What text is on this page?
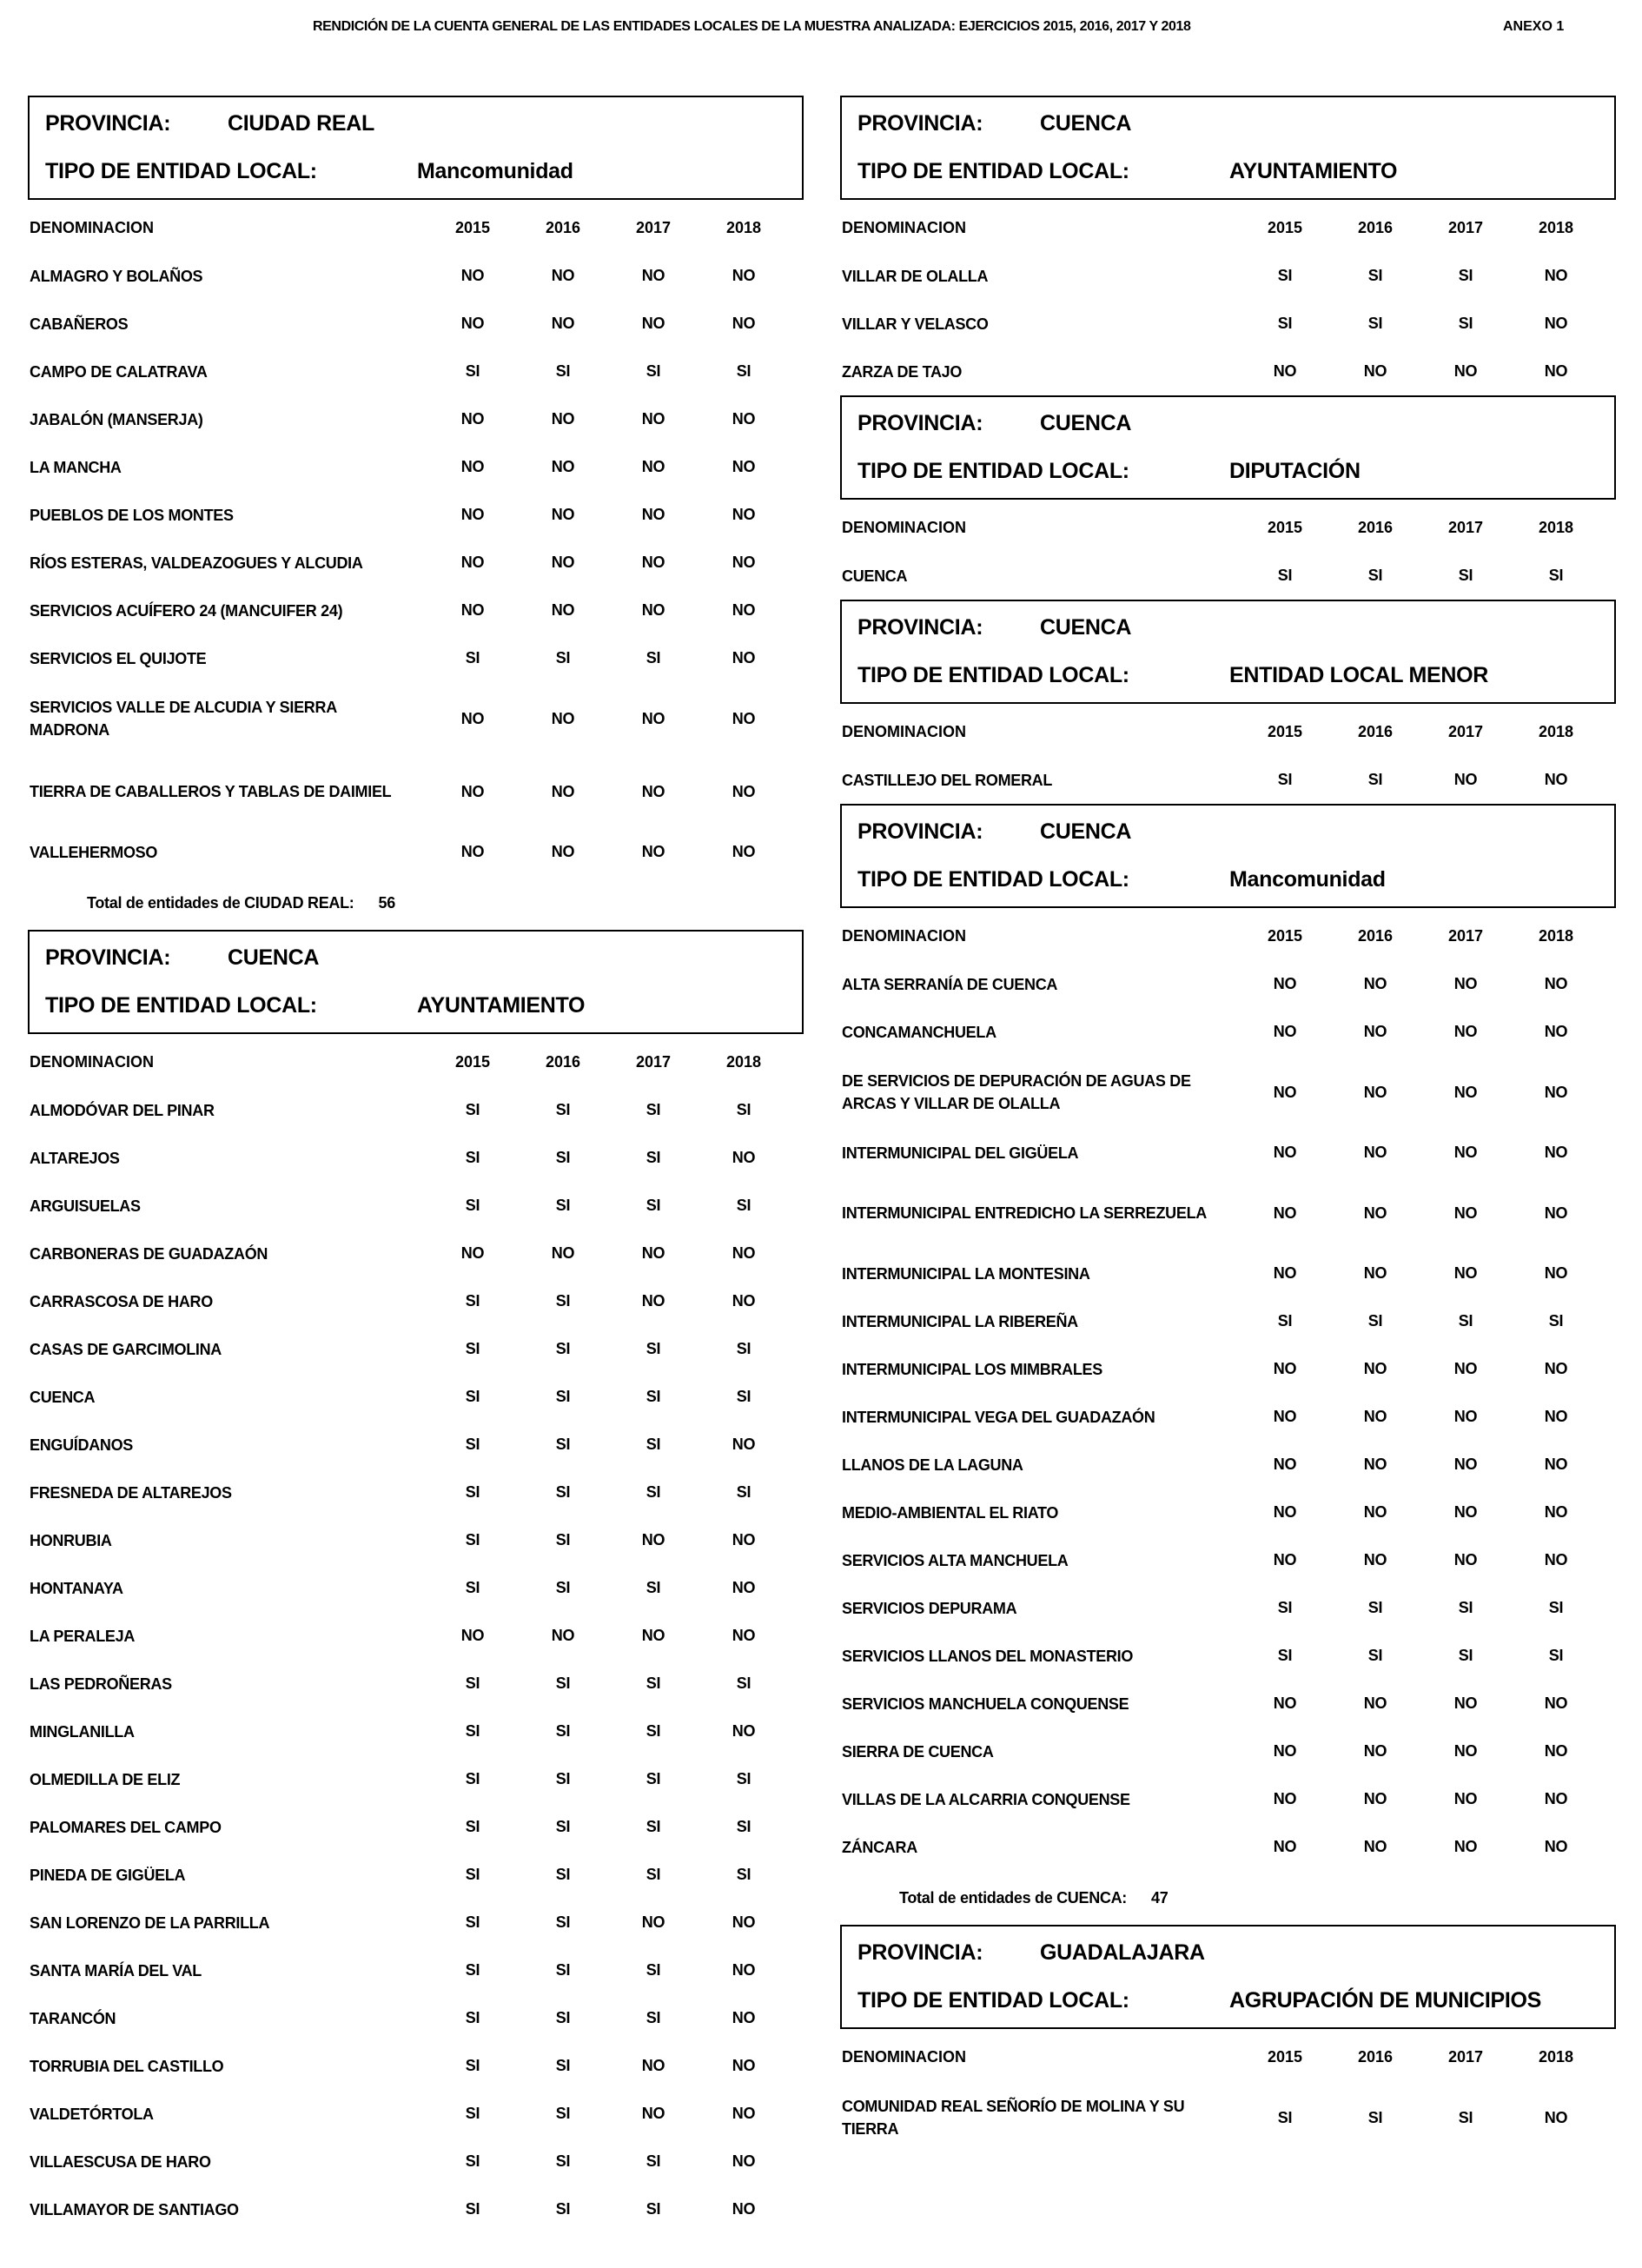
RENDICIÓN DE LA CUENTA GENERAL DE LAS ENTIDADES LOCALES DE LA MUESTRA ANALIZADA: EJERCICIOS 2015, 2016, 2017 Y 2018	ANEXO 1
PROVINCIA:	CIUDAD REAL
TIPO DE ENTIDAD LOCAL:	Mancomunidad
DENOMINACION	2015	2016	2017	2018
ALMAGRO Y BOLAÑOS	NO	NO	NO	NO
CABAÑEROS	NO	NO	NO	NO
CAMPO DE CALATRAVA	SI	SI	SI	SI
JABALÓN (MANSERJA)	NO	NO	NO	NO
LA MANCHA	NO	NO	NO	NO
PUEBLOS DE LOS MONTES	NO	NO	NO	NO
RÍOS ESTERAS, VALDEAZOGUES Y ALCUDIA	NO	NO	NO	NO
SERVICIOS ACUÍFERO 24 (MANCUIFER 24)	NO	NO	NO	NO
SERVICIOS EL QUIJOTE	SI	SI	SI	NO
SERVICIOS VALLE DE ALCUDIA Y SIERRA MADRONA
NO	NO	NO	NO
TIERRA DE CABALLEROS Y TABLAS DE DAIMIEL	NO	NO	NO	NO
VALLEHERMOSO	NO	NO	NO	NO
Total de entidades de CIUDAD REAL: 56
PROVINCIA:	CUENCA
TIPO DE ENTIDAD LOCAL:	AYUNTAMIENTO
DENOMINACION	2015	2016	2017	2018
ALMODÓVAR DEL PINAR	SI	SI	SI	SI
ALTAREJOS	SI	SI	SI	NO
ARGUISUELAS	SI	SI	SI	SI
CARBONERAS DE GUADAZAÓN	NO	NO	NO	NO
CARRASCOSA DE HARO	SI	SI	NO	NO
CASAS DE GARCIMOLINA	SI	SI	SI	SI
CUENCA	SI	SI	SI	SI
ENGUÍDANOS	SI	SI	SI	NO
FRESNEDA DE ALTAREJOS	SI	SI	SI	SI
HONRUBIA	SI	SI	NO	NO
HONTANAYA	SI	SI	SI	NO
LA PERALEJA	NO	NO	NO	NO
LAS PEDROÑERAS	SI	SI	SI	SI
MINGLANILLA	SI	SI	SI	NO
OLMEDILLA DE ELIZ	SI	SI	SI	SI
PALOMARES DEL CAMPO	SI	SI	SI	SI
PINEDA DE GIGÜELA	SI	SI	SI	SI
SAN LORENZO DE LA PARRILLA	SI	SI	NO	NO
SANTA MARÍA DEL VAL	SI	SI	SI	NO
TARANCÓN	SI	SI	SI	NO
TORRUBIA DEL CASTILLO	SI	SI	NO	NO
VALDETÓRTOLA	SI	SI	NO	NO
VILLAESCUSA DE HARO	SI	SI	SI	NO
VILLAMAYOR DE SANTIAGO	SI	SI	SI	NO
PROVINCIA:	CUENCA
TIPO DE ENTIDAD LOCAL:	AYUNTAMIENTO
DENOMINACION	2015	2016	2017	2018
VILLAR DE OLALLA	SI	SI	SI	NO
VILLAR Y VELASCO	SI	SI	SI	NO
ZARZA DE TAJO	NO	NO	NO	NO
PROVINCIA:	CUENCA
TIPO DE ENTIDAD LOCAL:	DIPUTACIÓN
DENOMINACION	2015	2016	2017	2018
CUENCA	SI	SI	SI	SI
PROVINCIA:	CUENCA
TIPO DE ENTIDAD LOCAL:	ENTIDAD LOCAL MENOR
DENOMINACION	2015	2016	2017	2018
CASTILLEJO DEL ROMERAL	SI	SI	NO	NO
PROVINCIA:	CUENCA
TIPO DE ENTIDAD LOCAL:	Mancomunidad
DENOMINACION	2015	2016	2017	2018
ALTA SERRANÍA DE CUENCA	NO	NO	NO	NO
CONCAMANCHUELA	NO	NO	NO	NO
DE SERVICIOS DE DEPURACIÓN DE AGUAS DE ARCAS Y VILLAR DE OLALLA
NO	NO	NO	NO
INTERMUNICIPAL DEL GIGÜELA	NO	NO	NO	NO
INTERMUNICIPAL ENTREDICHO LA SERREZUELA	NO	NO	NO	NO
INTERMUNICIPAL LA MONTESINA	NO	NO	NO	NO
INTERMUNICIPAL LA RIBEREÑA	SI	SI	SI	SI
INTERMUNICIPAL LOS MIMBRALES	NO	NO	NO	NO
INTERMUNICIPAL VEGA DEL GUADAZAÓN	NO	NO	NO	NO
LLANOS DE LA LAGUNA	NO	NO	NO	NO
MEDIO-AMBIENTAL EL RIATO	NO	NO	NO	NO
SERVICIOS ALTA MANCHUELA	NO	NO	NO	NO
SERVICIOS DEPURAMA	SI	SI	SI	SI
SERVICIOS LLANOS DEL MONASTERIO	SI	SI	SI	SI
SERVICIOS MANCHUELA CONQUENSE	NO	NO	NO	NO
SIERRA DE CUENCA	NO	NO	NO	NO
VILLAS DE LA ALCARRIA CONQUENSE	NO	NO	NO	NO
ZÁNCARA	NO	NO	NO	NO
Total de entidades de CUENCA: 47
PROVINCIA:	GUADALAJARA
TIPO DE ENTIDAD LOCAL:	AGRUPACIÓN DE MUNICIPIOS
DENOMINACION	2015	2016	2017	2018
COMUNIDAD REAL SEÑORÍO DE MOLINA Y SU TIERRA
SI	SI	SI	NO
